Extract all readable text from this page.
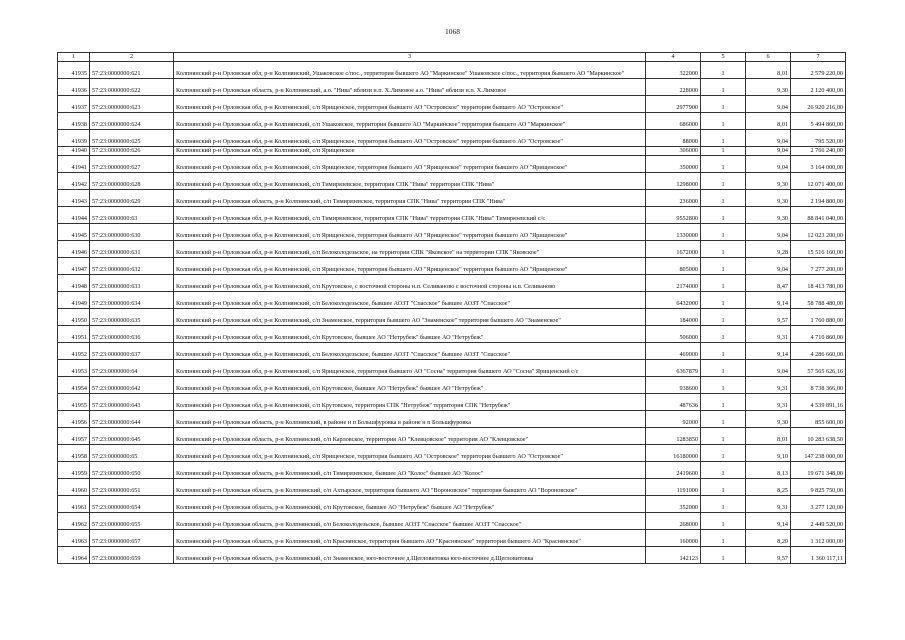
1068
1	2	3	4	5	6	7
41935	57:23:0000000:621	Колпнянский р-н Орловская обл, р-н Колпнянский, Ушаковское с/пос., территория бывшего АО "Маркинское" Ушаковское с/пос., территория бывшего АО "Маркинское"	322000	1	8,01	2 579 220,00
41936	57:23:0000000:622	Колпнянский р-н Орловская область, р-н Колпнянский, а.о. "Нива" вблизи н.п. Х.Лимовое а.о. "Нива" вблизи н.п. Х.Лимовое	228000	1	9,30	2 120 400,00
41937	57:23:0000000:623	Колпнянский р-н Орловская обл, р-н Колпнянский, с/п Ярищенское, территория бывшего АО "Островское" территория бывшего АО "Островское"	2977900	1	9,04	26 920 216,00
41938	57:23:0000000:624	Колпнянский р-н Орловская обл, р-н Колпнянский, с/п Ушаковское, территория бывшего АО "Маркинское" территория бывшего АО "Маркинское"	686000	1	8,01	5 494 860,00
41939	57:23:0000000:625	Колпнянский р-н Орловская обл, р-н Колпнянский, с/п Ярищенское, территория бывшего АО "Островское" территория бывшего АО "Островское"	88000	1	9,04	795 520,00
41940	57:23:0000000:626	Колпнянский р-н Орловская обл, р-н Колпнянский, с/п Ярищенское	306000	1	9,04	2 766 240,00
41941	57:23:0000000:627	Колпнянский р-н Орловская обл, р-н Колпнянский, с/п Ярищенское, территория бывшего АО "Ярищенское" территория бывшего АО "Ярищенское"	350000	1	9,04	3 164 000,00
41942	57:23:0000000:628	Колпнянский р-н Орловская обл, р-н Колпнянский, с/п Тимирязевское, территория СПК "Нива" территория СПК "Нива"	1298000	1	9,30	12 071 400,00
41943	57:23:0000000:629	Колпнянский р-н Орловская область, р-н Колпнянский, с/п Тимирязевское, территория СПК "Нива" территория СПК "Нива"	236000	1	9,30	2 194 800,00
41944	57:23:0000000:63	Колпнянский р-н Орловская обл, р-н Колпнянский, с/п Тимирязевское, территория СПК "Нива" территория СПК "Нива" Тимирязевский с/с	9552800	1	9,30	88 841 040,00
41945	57:23:0000000:630	Колпнянский р-н Орловская обл, р-н Колпнянский, с/п Ярищенское, территория бывшего АО "Ярищенское" территория бывшего АО "Ярищенское"	1330000	1	9,04	12 023 200,00
41946	57:23:0000000:631	Колпнянский р-н Орловская обл, р-н Колпнянский, с/п Белоколодезьское, на территории СПК "Яковское" на территории СПК "Яковское"	1672000	1	9,28	15 516 160,00
41947	57:23:0000000:632	Колпнянский р-н Орловская обл, р-н Колпнянский, с/п Ярищенское, территория бывшего АО "Ярищенское" территория бывшего АО "Ярищенское"	805000	1	9,04	7 277 200,00
41948	57:23:0000000:633	Колпнянский р-н Орловская обл, р-н Колпнянский, с/п Крутовское, с восточной стороны н.п. Селиваново с восточной стороны н.п. Селиваново	2174000	1	8,47	18 413 780,00
41949	57:23:0000000:634	Колпнянский р-н Орловская обл, р-н Колпнянский, с/п Белоколодезьское, бывшее АОЗТ "Спасское" бывшее АОЗТ "Спасское"	6432000	1	9,14	58 788 480,00
41950	57:23:0000000:635	Колпнянский р-н Орловская обл, р-н Колпнянский, с/п Знаменское, территория бывшего АО "Знаменское" территория бывшего АО "Знаменское"	184000	1	9,57	1 760 880,00
41951	57:23:0000000:636	Колпнянский р-н Орловская обл, р-н Колпнянский, с/п Крутовское, бывшее АО "Нетрубеж" бывшее АО "Нетрубеж"	506000	1	9,31	4 710 860,00
41952	57:23:0000000:637	Колпнянский р-н Орловская обл, р-н Колпнянский, с/п Белоколодезьское, бывшее АОЗТ "Спасское" бывшее АОЗТ "Спасское"	469000	1	9,14	4 286 660,00
41953	57:23:0000000:64	Колпнянский р-н Орловская обл, р-н Колпнянский, с/п Ярищенское, территория бывшего АО "Сосна" территория бывшего АО "Сосна" Ярищенский с/с	6367879	1	9,04	57 565 626,16
41954	57:23:0000000:642	Колпнянский р-н Орловская обл, р-н Колпнянский, с/п Крутовское, бывшее АО "Нетрубеж" бывшее АО "Нетрубеж"	938600	1	9,31	8 738 366,00
41955	57:23:0000000:643	Колпнянский р-н Орловская обл, р-н Колпнянский, с/п Крутовское, территория СПК "Нетрубеж" территория СПК "Нетрубеж"	487636	1	9,31	4 539 891,16
41956	57:23:0000000:644	Колпнянский р-н Орловская область, р-н Колпнянский, в районе н п Большфуровка в районе н п Большфуровка	92000	1	9,30	855 600,00
41957	57:23:0000000:645	Колпнянский р-н Орловская область, р-н Колпнянский, с/п Карловское, территория АО "Клевцовское" территория АО "Клевцовское"	1283850	1	8,01	10 283 638,50
41958	57:23:0000000:65	Колпнянский р-н Орловская обл, р-н Колпнянский, с/п Ярищенское, территория бывшего АО "Островское" территория бывшего АО "Островское"	16180000	1	9,10	147 238 000,00
41959	57:23:0000000:650	Колпнянский р-н Орловская область, р-н Колпнянский, с/п Тимирязевское, бывшее АО "Колос" бывшее АО "Колос"	2419600	1	8,13	19 671 348,00
41960	57:23:0000000:651	Колпнянский р-н Орловская область, р-н Колпнянский, с/п Ахтырское, территория бывшего АО "Вороновское" территория бывшего АО "Вороновское"	1191000	1	8,25	9 825 750,00
41961	57:23:0000000:654	Колпнянский р-н Орловская область, р-н Колпнянский, с/п Крутовское, бывшее АО "Нетрубеж" бывшее АО "Нетрубеж"	352000	1	9,31	3 277 120,00
41962	57:23:0000000:655	Колпнянский р-н Орловская область, р-н Колпнянский, с/п Белоколодезьское, бывшее АОЗТ "Спасское" бывшее АОЗТ "Спасское"	268000	1	9,14	2 449 520,00
41963	57:23:0000000:657	Колпнянский р-н Орловская область, р-н Колпнянский, с/п Краснянское, территория бывшего АО "Краснянское" территория бывшего АО "Краснянское"	160000	1	8,20	1 312 000,00
41964	57:23:0000000:659	Колпнянский р-н Орловская область, р-н Колпнянский, с/п Знаменское, юго-восточнее д.Щегловитовка юго-восточнее д.Щегловитовка	142123	1	9,57	1 360 117,11
